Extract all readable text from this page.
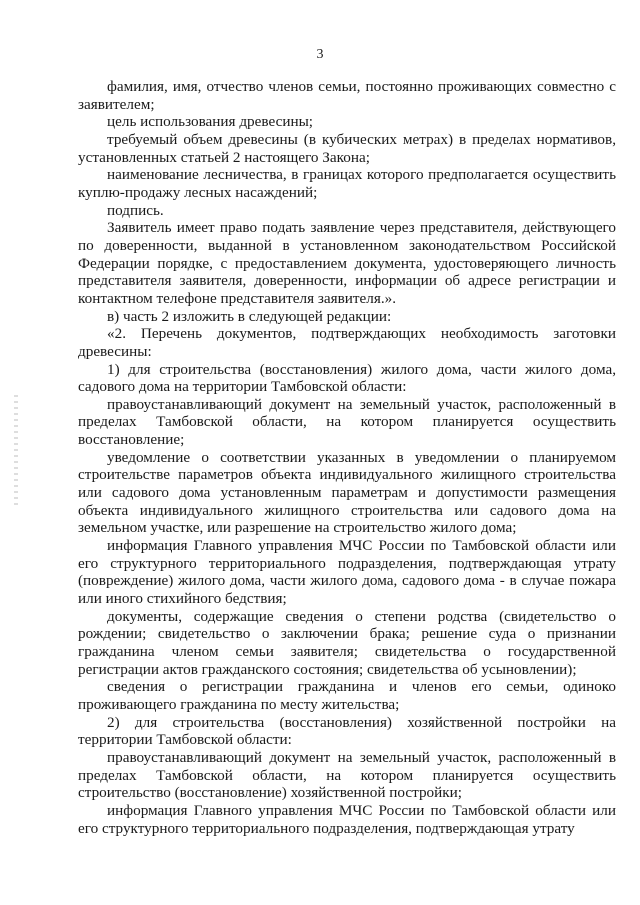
3

фамилия, имя, отчество членов семьи, постоянно проживающих совместно с заявителем;

цель использования древесины;

требуемый объем древесины (в кубических метрах) в пределах нормативов, установленных статьей 2 настоящего Закона;

наименование лесничества, в границах которого предполагается осуществить куплю-продажу лесных насаждений;

подпись.

Заявитель имеет право подать заявление через представителя, действующего по доверенности, выданной в установленном законодательством Российской Федерации порядке, с предоставлением документа, удостоверяющего личность представителя заявителя, доверенности, информации об адресе регистрации и контактном телефоне представителя заявителя.».

в) часть 2 изложить в следующей редакции:

«2. Перечень документов, подтверждающих необходимость заготовки древесины:

1) для строительства (восстановления) жилого дома, части жилого дома, садового дома на территории Тамбовской области:

правоустанавливающий документ на земельный участок, расположенный в пределах Тамбовской области, на котором планируется осуществить восстановление;

уведомление о соответствии указанных в уведомлении о планируемом строительстве параметров объекта индивидуального жилищного строительства или садового дома установленным параметрам и допустимости размещения объекта индивидуального жилищного строительства или садового дома на земельном участке, или разрешение на строительство жилого дома;

информация Главного управления МЧС России по Тамбовской области или его структурного территориального подразделения, подтверждающая утрату (повреждение) жилого дома, части жилого дома, садового дома - в случае пожара или иного стихийного бедствия;

документы, содержащие сведения о степени родства (свидетельство о рождении; свидетельство о заключении брака; решение суда о признании гражданина членом семьи заявителя; свидетельства о государственной регистрации актов гражданского состояния; свидетельства об усыновлении);

сведения о регистрации гражданина и членов его семьи, одиноко проживающего гражданина по месту жительства;

2) для строительства (восстановления) хозяйственной постройки на территории Тамбовской области:

правоустанавливающий документ на земельный участок, расположенный в пределах Тамбовской области, на котором планируется осуществить строительство (восстановление) хозяйственной постройки;

информация Главного управления МЧС России по Тамбовской области или его структурного территориального подразделения, подтверждающая утрату
